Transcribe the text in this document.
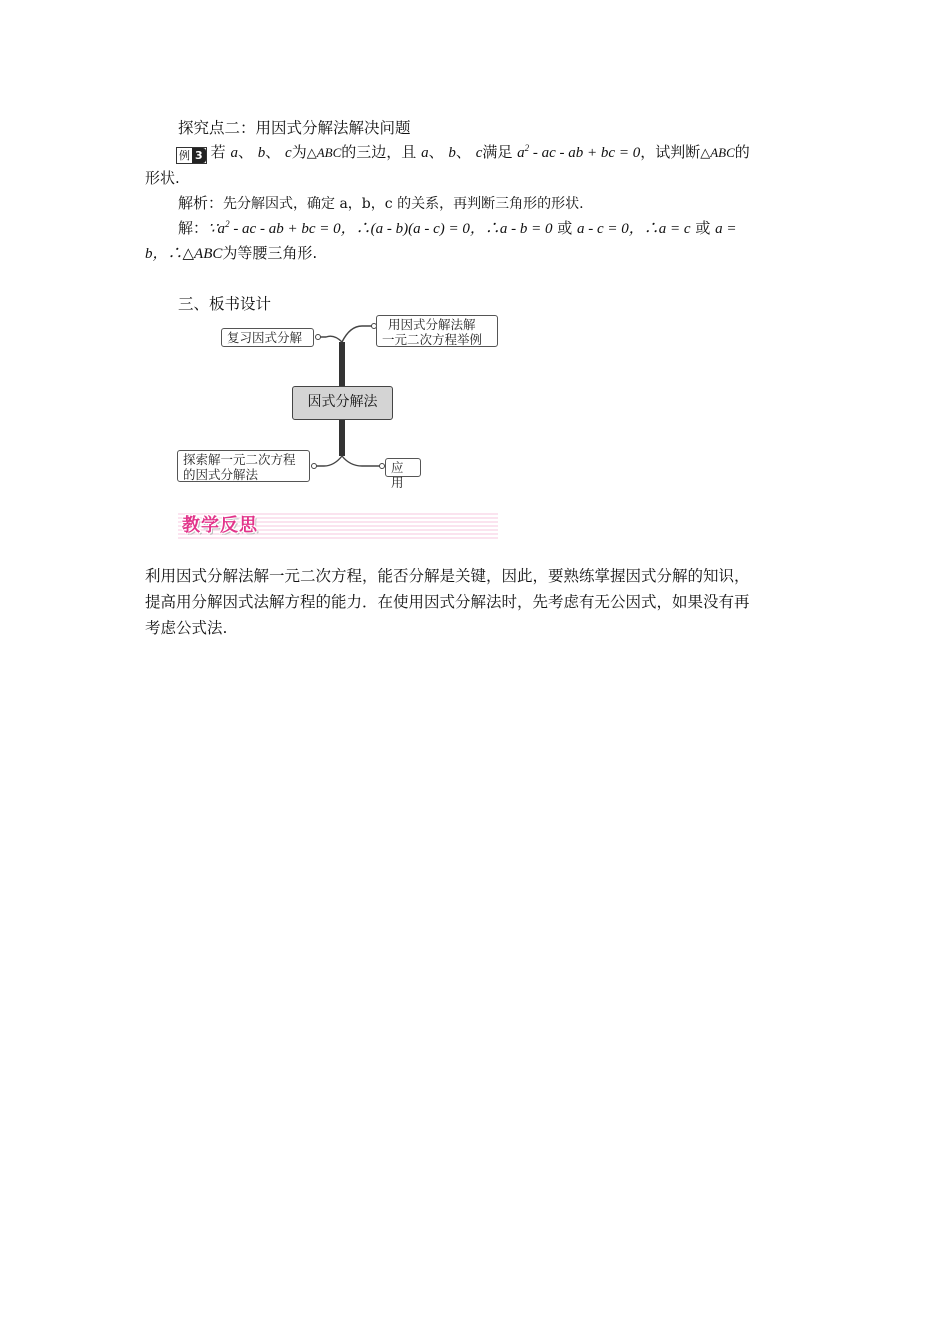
探究点二：用因式分解法解决问题
例 3 若 a、 b、 c为△ABC的三边，且 a、 b、 c满足 $a^2$ - ac - ab + bc = 0，试判断△ABC的
形状.
解析：先分解因式，确定 a，b，c 的关系，再判断三角形的形状.
解：$\because a^2$ - ac - ab + bc = 0，∴(a - b)(a - c) = 0，∴a - b = 0 或 a - c = 0，∴a = c 或 a =
b，∴△ABC为等腰三角形.
三、板书设计
复习因式分解
用因式分解法解
一元二次方程举例
因式分解法
探索解一元二次方程
的因式分解法	应用
教学反思
利用因式分解法解一元二次方程，能否分解是关键，因此，要熟练掌握因式分解的知识，
提高用分解因式法解方程的能力．在使用因式分解法时，先考虑有无公因式，如果没有再
考虑公式法.
